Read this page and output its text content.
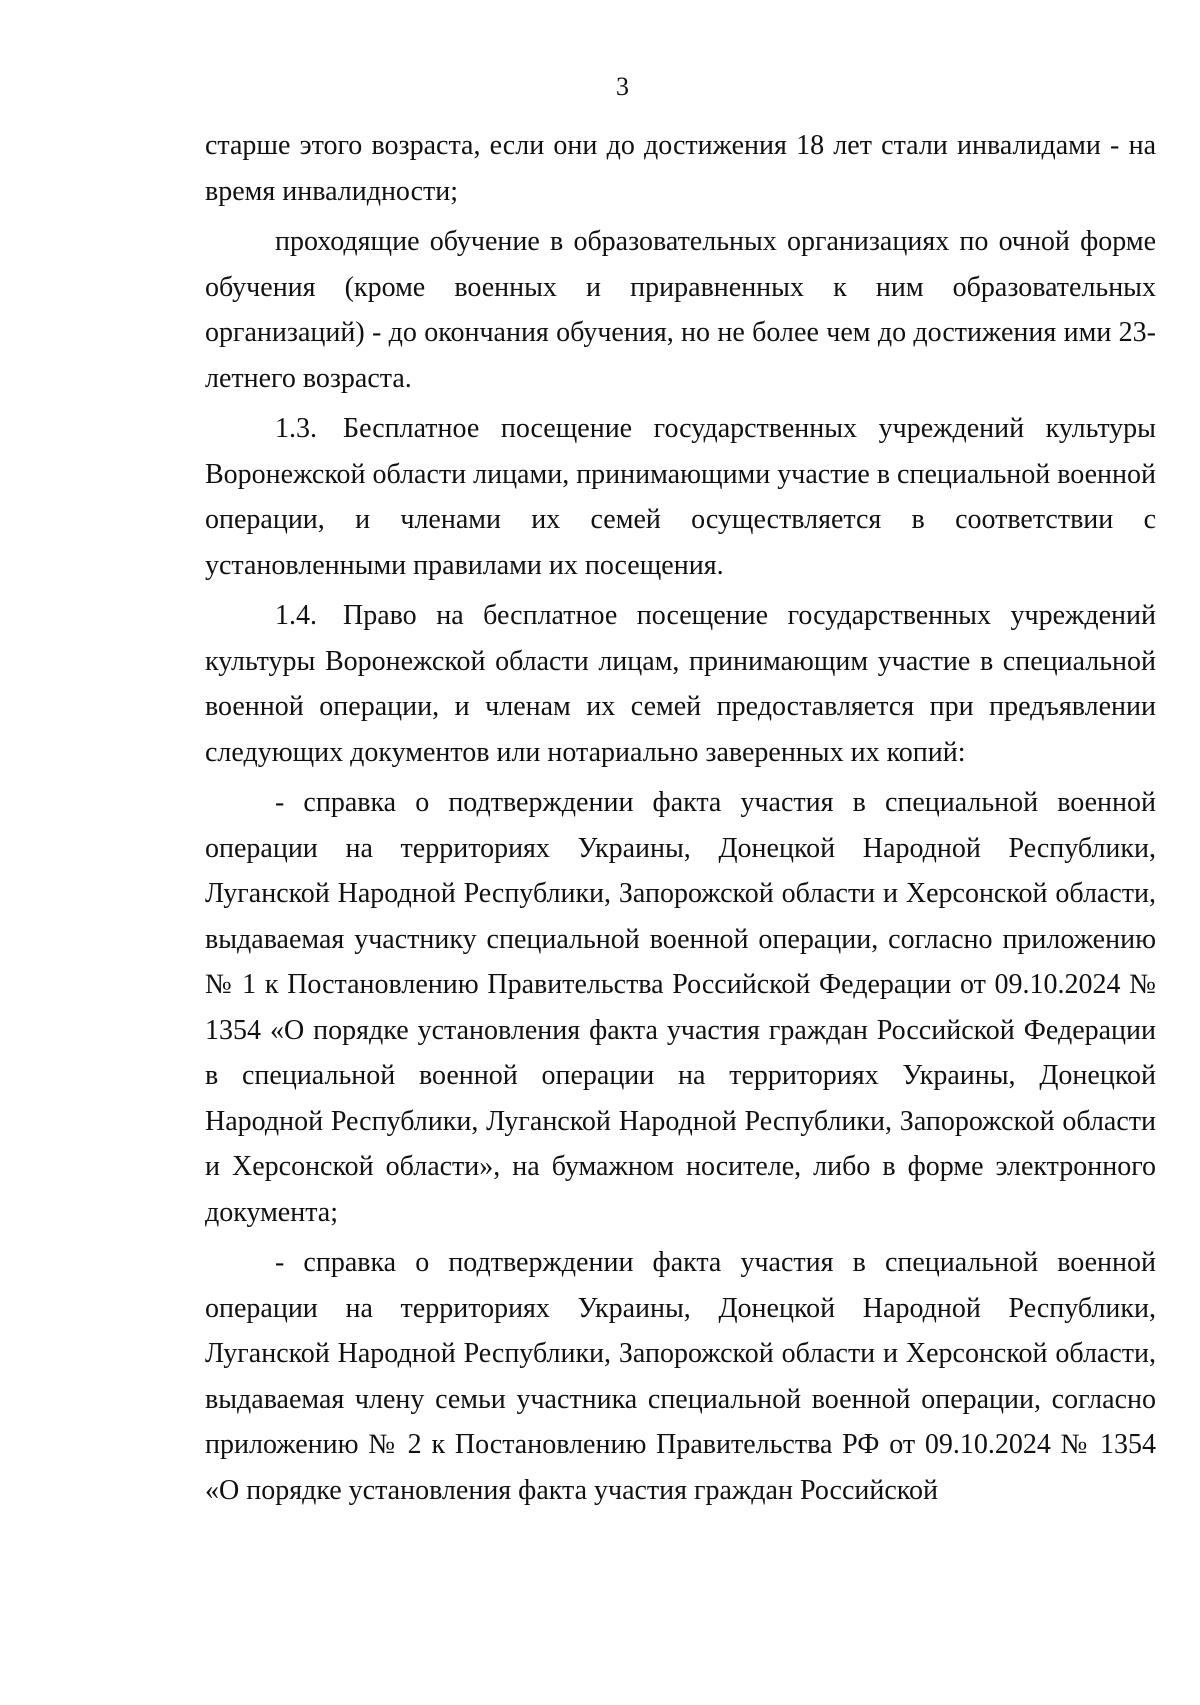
3

старше этого возраста, если они до достижения 18 лет стали инвалидами - на время инвалидности;

проходящие обучение в образовательных организациях по очной форме обучения (кроме военных и приравненных к ним образовательных организаций) - до окончания обучения, но не более чем до достижения ими 23-летнего возраста.

1.3. Бесплатное посещение государственных учреждений культуры Воронежской области лицами, принимающими участие в специальной военной операции, и членами их семей осуществляется в соответствии с установленными правилами их посещения.

1.4. Право на бесплатное посещение государственных учреждений культуры Воронежской области лицам, принимающим участие в специальной военной операции, и членам их семей предоставляется при предъявлении следующих документов или нотариально заверенных их копий:

- справка о подтверждении факта участия в специальной военной операции на территориях Украины, Донецкой Народной Республики, Луганской Народной Республики, Запорожской области и Херсонской области, выдаваемая участнику специальной военной операции, согласно приложению № 1 к Постановлению Правительства Российской Федерации от 09.10.2024 № 1354 «О порядке установления факта участия граждан Российской Федерации в специальной военной операции на территориях Украины, Донецкой Народной Республики, Луганской Народной Республики, Запорожской области и Херсонской области», на бумажном носителе, либо в форме электронного документа;

- справка о подтверждении факта участия в специальной военной операции на территориях Украины, Донецкой Народной Республики, Луганской Народной Республики, Запорожской области и Херсонской области, выдаваемая члену семьи участника специальной военной операции, согласно приложению № 2 к Постановлению Правительства РФ от 09.10.2024 № 1354 «О порядке установления факта участия граждан Российской
